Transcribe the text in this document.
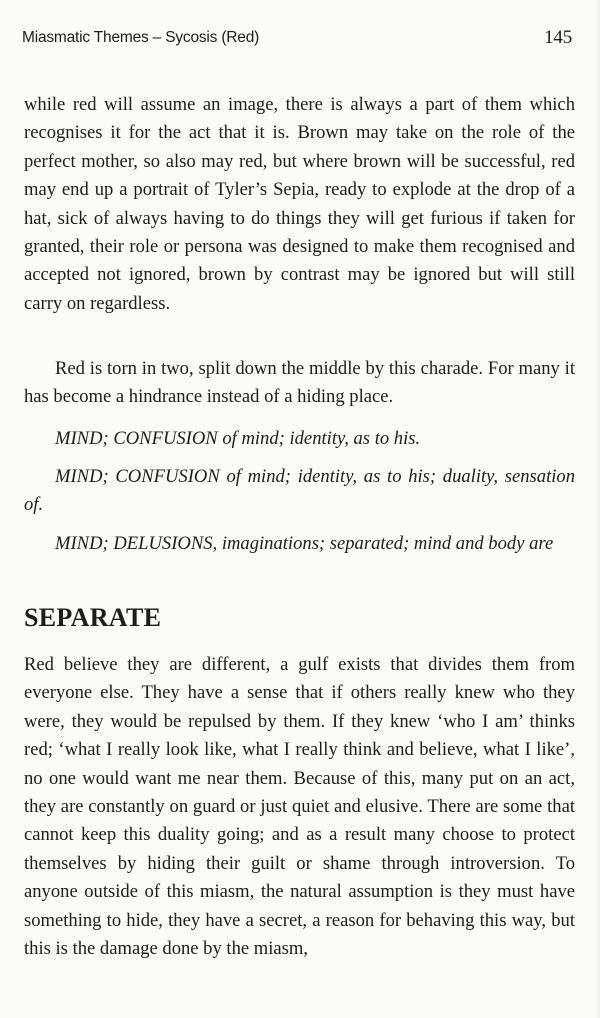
Miasmatic Themes – Sycosis (Red)	145

while red will assume an image, there is always a part of them which recognises it for the act that it is. Brown may take on the role of the perfect mother, so also may red, but where brown will be successful, red may end up a portrait of Tyler’s Sepia, ready to explode at the drop of a hat, sick of always having to do things they will get furious if taken for granted, their role or persona was designed to make them recognised and accepted not ignored, brown by contrast may be ignored but will still carry on regardless.

Red is torn in two, split down the middle by this charade. For many it has become a hindrance instead of a hiding place.

MIND; CONFUSION of mind; identity, as to his.

MIND; CONFUSION of mind; identity, as to his; duality, sensation of.

MIND; DELUSIONS, imaginations; separated; mind and body are

SEPARATE

Red believe they are different, a gulf exists that divides them from everyone else. They have a sense that if others really knew who they were, they would be repulsed by them. If they knew ‘who I am’ thinks red; ‘what I really look like, what I really think and believe, what I like’, no one would want me near them. Because of this, many put on an act, they are constantly on guard or just quiet and elusive. There are some that cannot keep this duality going; and as a result many choose to protect themselves by hiding their guilt or shame through introversion. To anyone outside of this miasm, the natural assumption is they must have something to hide, they have a secret, a reason for behaving this way, but this is the damage done by the miasm,
